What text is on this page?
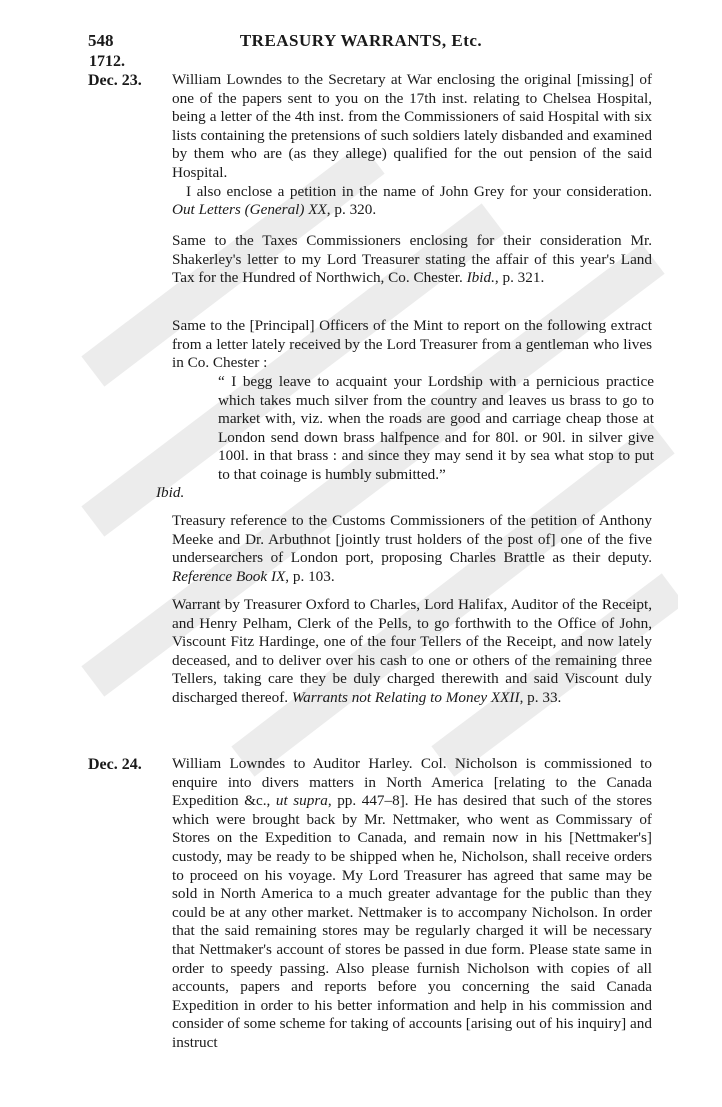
548	TREASURY WARRANTS, Etc.
1712.
Dec. 23.
Dec. 24.

William Lowndes to the Secretary at War enclosing the original [missing] of one of the papers sent to you on the 17th inst. relating to Chelsea Hospital, being a letter of the 4th inst. from the Commissioners of said Hospital with six lists containing the pretensions of such soldiers lately disbanded and examined by them who are (as they allege) qualified for the out pension of the said Hospital.

I also enclose a petition in the name of John Grey for your consideration. Out Letters (General) XX, p. 320.

Same to the Taxes Commissioners enclosing for their consideration Mr. Shakerley's letter to my Lord Treasurer stating the affair of this year's Land Tax for the Hundred of Northwich, Co. Chester. Ibid., p. 321.

Same to the [Principal] Officers of the Mint to report on the following extract from a letter lately received by the Lord Treasurer from a gentleman who lives in Co. Chester :

“ I begg leave to acquaint your Lordship with a pernicious practice which takes much silver from the country and leaves us brass to go to market with, viz. when the roads are good and carriage cheap those at London send down brass halfpence and for 80l. or 90l. in silver give 100l. in that brass : and since they may send it by sea what stop to put to that coinage is humbly submitted.”
Ibid.

Treasury reference to the Customs Commissioners of the petition of Anthony Meeke and Dr. Arbuthnot [jointly trust holders of the post of] one of the five undersearchers of London port, proposing Charles Brattle as their deputy. Reference Book IX, p. 103.

Warrant by Treasurer Oxford to Charles, Lord Halifax, Auditor of the Receipt, and Henry Pelham, Clerk of the Pells, to go forthwith to the Office of John, Viscount Fitz Hardinge, one of the four Tellers of the Receipt, and now lately deceased, and to deliver over his cash to one or others of the remaining three Tellers, taking care they be duly charged therewith and said Viscount duly discharged thereof. Warrants not Relating to Money XXII, p. 33.

William Lowndes to Auditor Harley. Col. Nicholson is commissioned to enquire into divers matters in North America [relating to the Canada Expedition &c., ut supra, pp. 447–8]. He has desired that such of the stores which were brought back by Mr. Nettmaker, who went as Commissary of Stores on the Expedition to Canada, and remain now in his [Nettmaker's] custody, may be ready to be shipped when he, Nicholson, shall receive orders to proceed on his voyage. My Lord Treasurer has agreed that same may be sold in North America to a much greater advantage for the public than they could be at any other market. Nettmaker is to accompany Nicholson. In order that the said remaining stores may be regularly charged it will be necessary that Nettmaker's account of stores be passed in due form. Please state same in order to speedy passing. Also please furnish Nicholson with copies of all accounts, papers and reports before you concerning the said Canada Expedition in order to his better information and help in his commission and consider of some scheme for taking of accounts [arising out of his inquiry] and instruct
